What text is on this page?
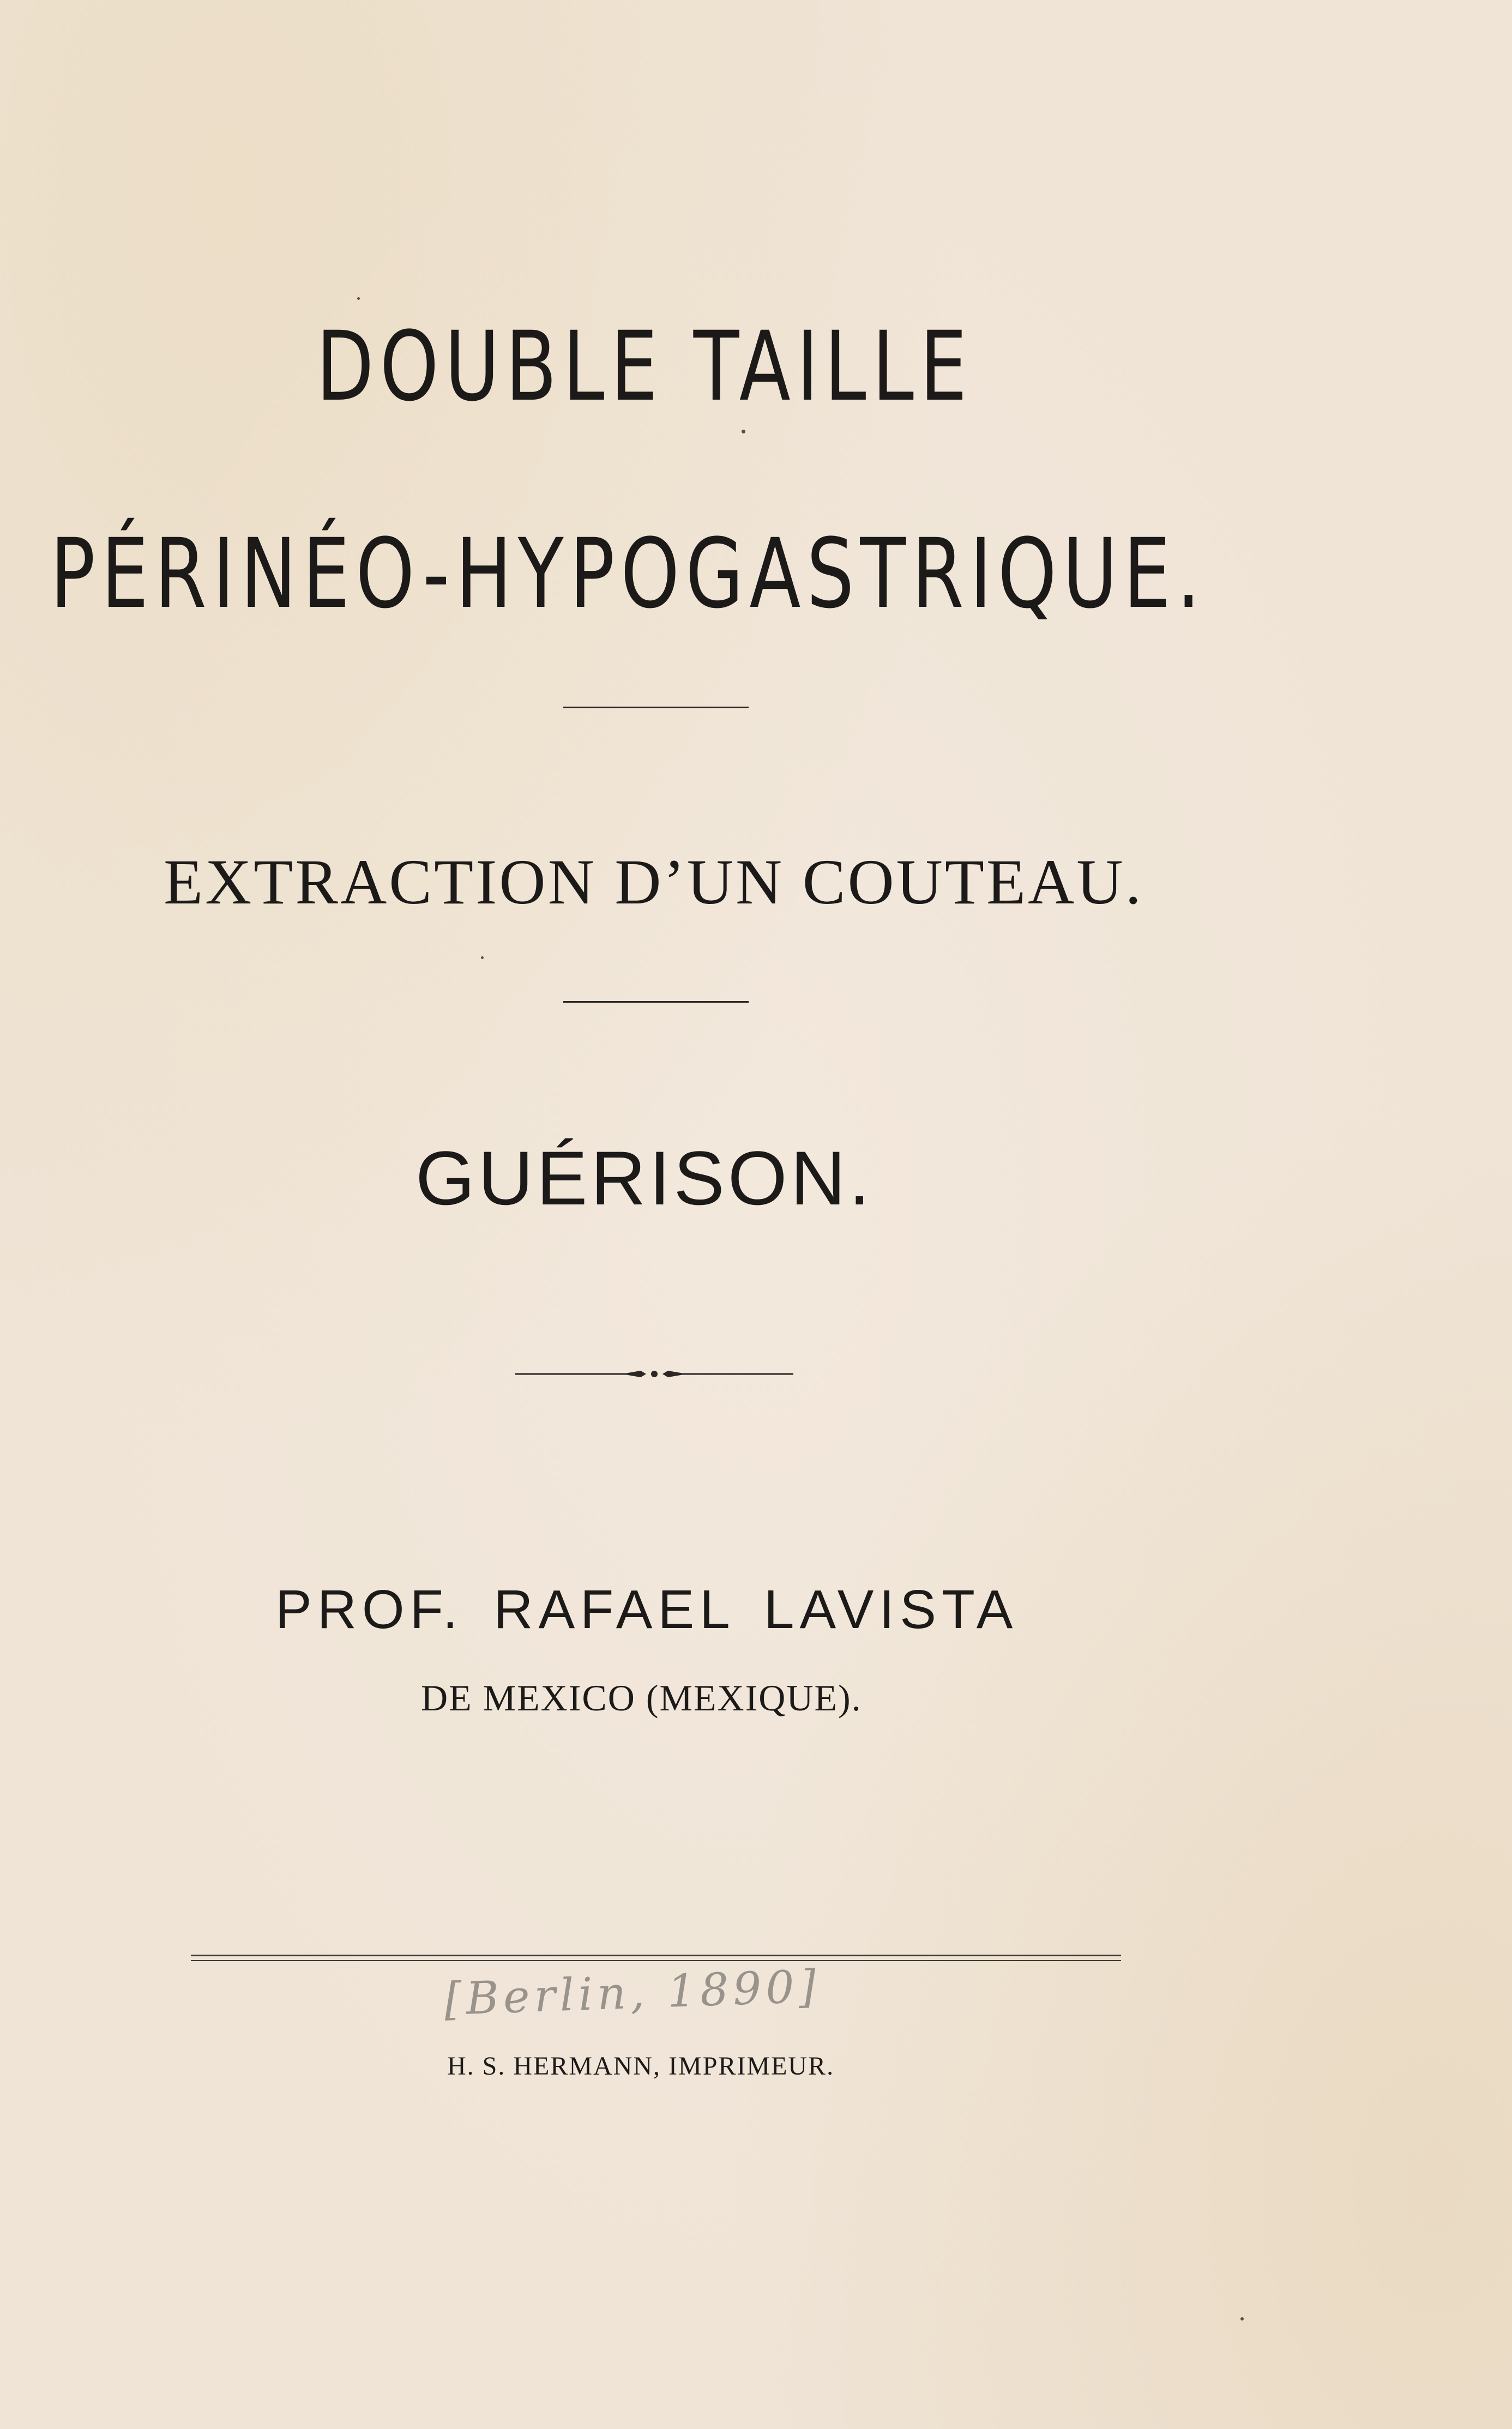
DOUBLE TAILLE
PÉRINÉO-HYPOGASTRIQUE.

EXTRACTION D’UN COUTEAU.

GUÉRISON.

PROF. RAFAEL LAVISTA

DE MEXICO (MEXIQUE).

[Berlin, 1890]

H. S. HERMANN, IMPRIMEUR.
